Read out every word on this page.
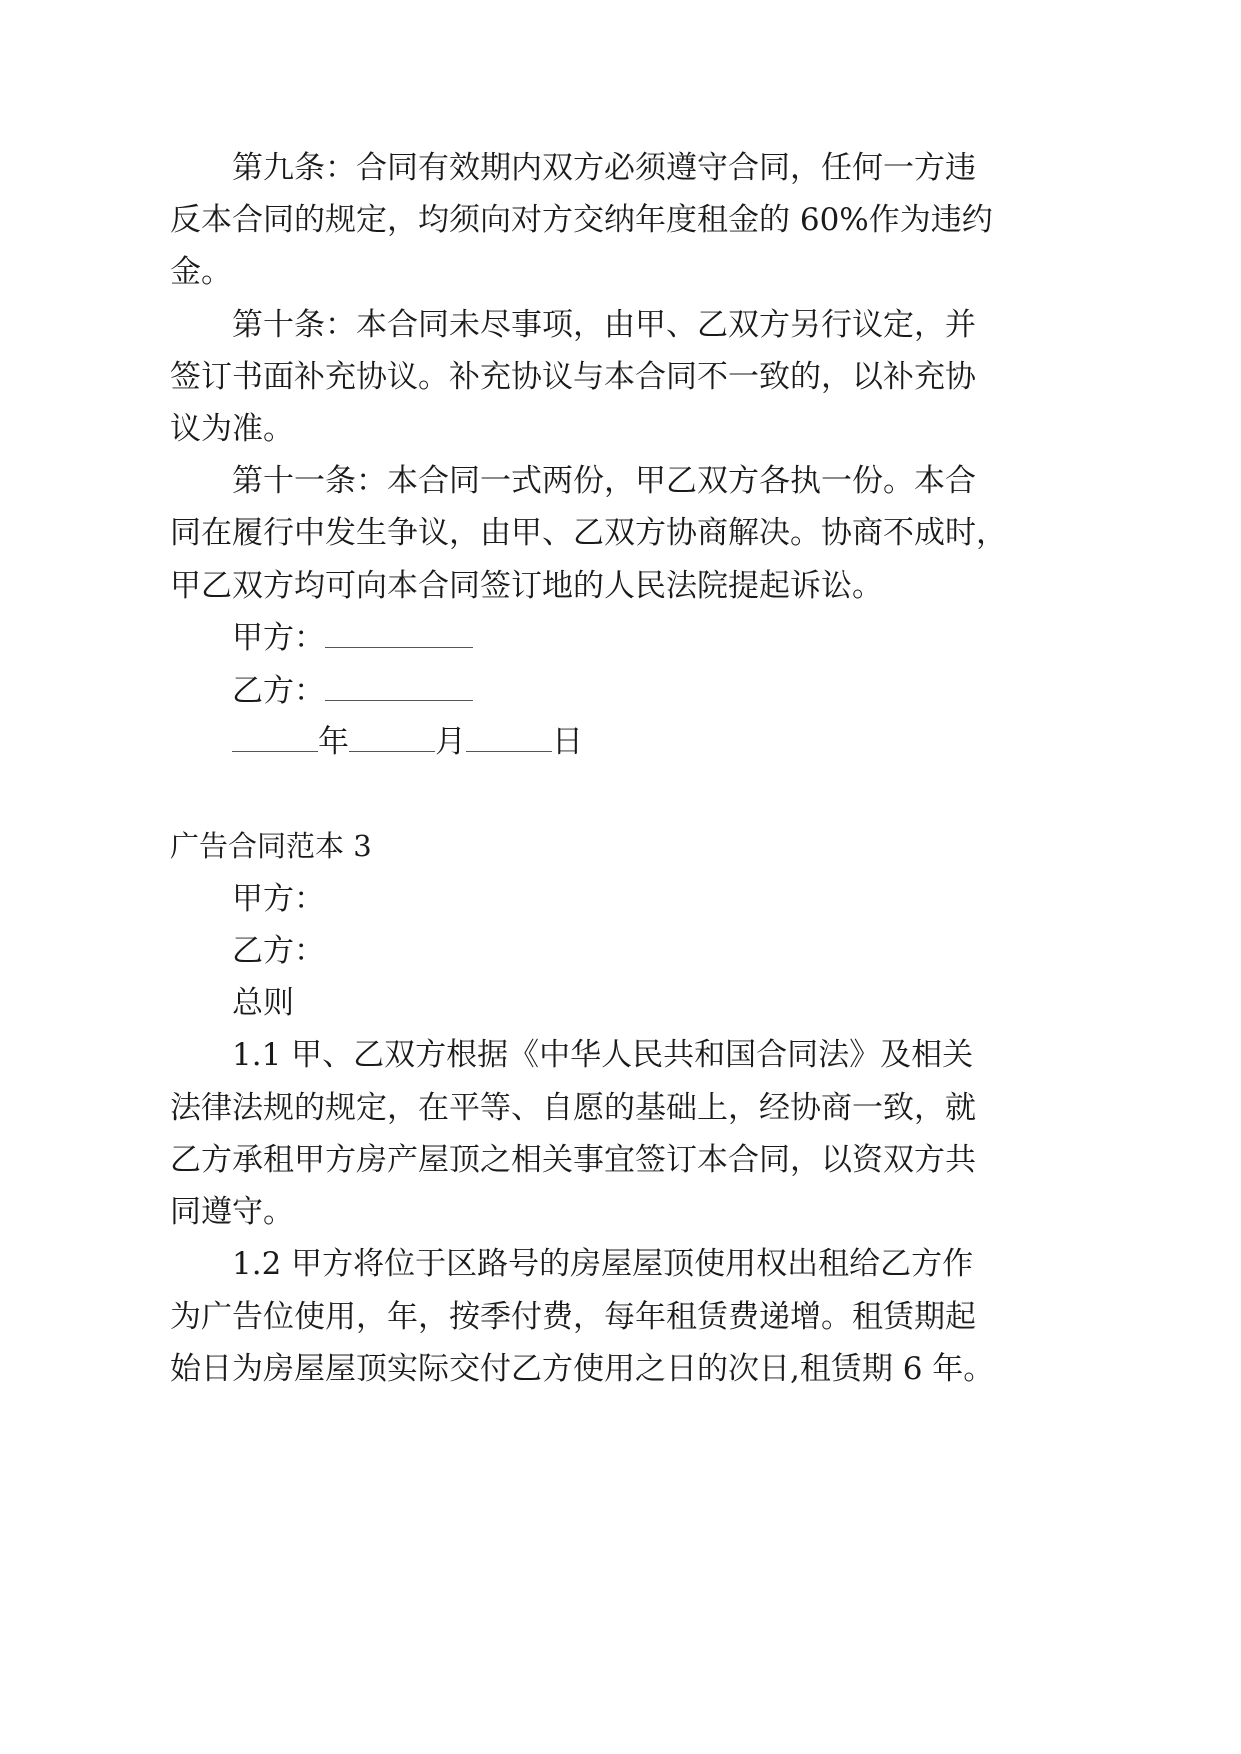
第九条：合同有效期内双方必须遵守合同，任何一方违
反本合同的规定，均须向对方交纳年度租金的 60%作为违约
金。
第十条：本合同未尽事项，由甲、乙双方另行议定，并
签订书面补充协议。补充协议与本合同不一致的，以补充协
议为准。
第十一条：本合同一式两份，甲乙双方各执一份。本合
同在履行中发生争议，由甲、乙双方协商解决。协商不成时，
甲乙双方均可向本合同签订地的人民法院提起诉讼。
甲方：
乙方：
年	月	日
广告合同范本 3
甲方：
乙方：
总则
1.1 甲、乙双方根据《中华人民共和国合同法》及相关
法律法规的规定，在平等、自愿的基础上，经协商一致，就
乙方承租甲方房产屋顶之相关事宜签订本合同，以资双方共
同遵守。
1.2 甲方将位于区路号的房屋屋顶使用权出租给乙方作
为广告位使用，年，按季付费，每年租赁费递增。租赁期起
始日为房屋屋顶实际交付乙方使用之日的次日,租赁期 6 年。
